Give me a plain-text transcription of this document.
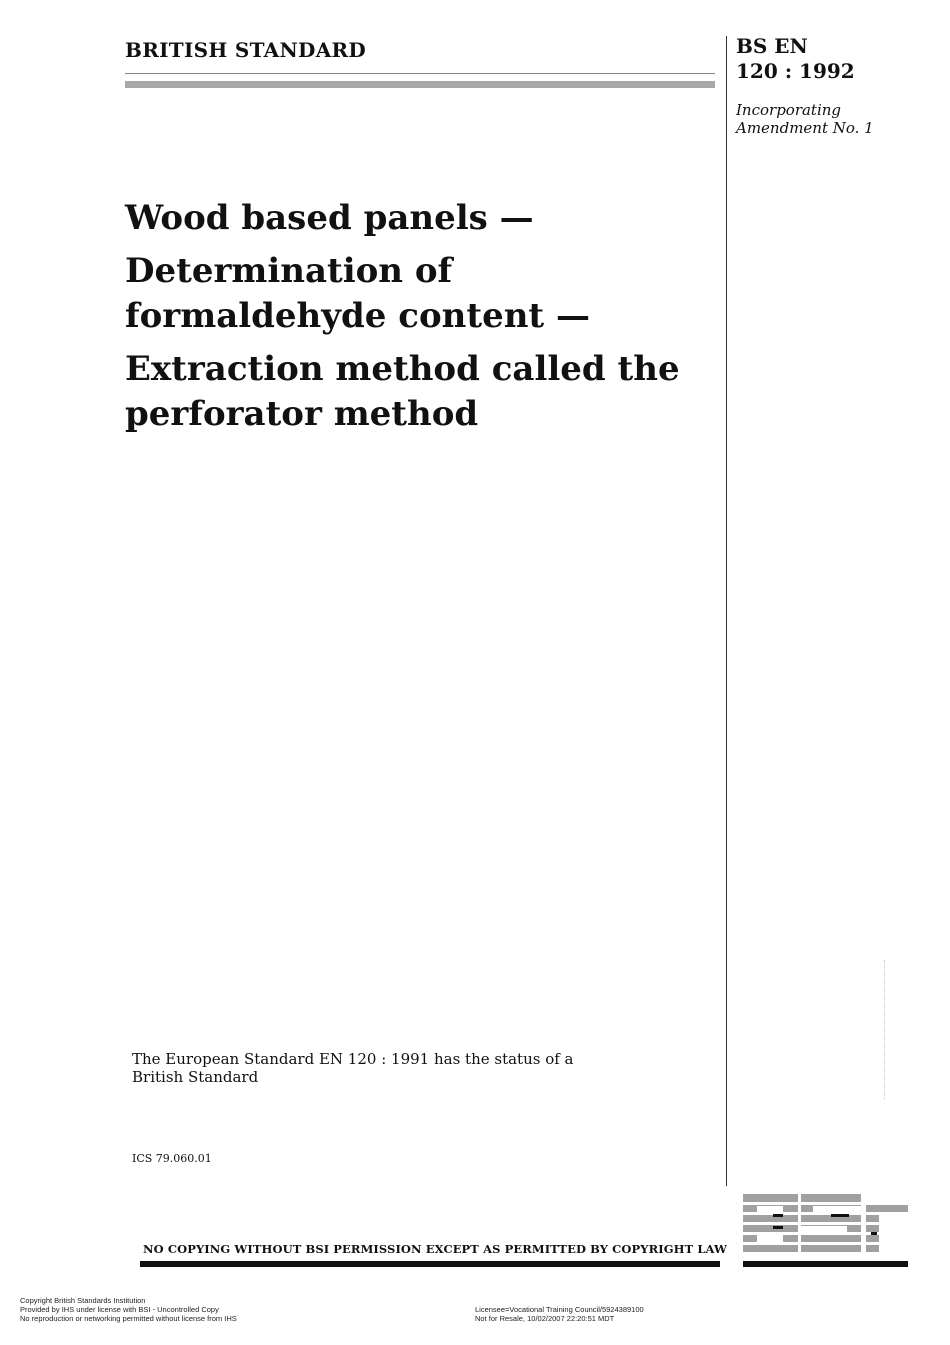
BRITISH STANDARD	BS EN
120 : 1992
Incorporating
Amendment No. 1
Wood based panels —
Determination of
formaldehyde content —
Extraction method called the
perforator method
The European Standard EN 120 : 1991 has the status of a
British Standard
ICS 79.060.01
NO COPYING WITHOUT BSI PERMISSION EXCEPT AS PERMITTED BY COPYRIGHT LAW
Copyright British Standards Institution
Provided by IHS under license with BSI - Uncontrolled Copy
No reproduction or networking permitted without license from IHS
Licensee=Vocational Training Council/5924389100
Not for Resale, 10/02/2007 22:20:51 MDT
